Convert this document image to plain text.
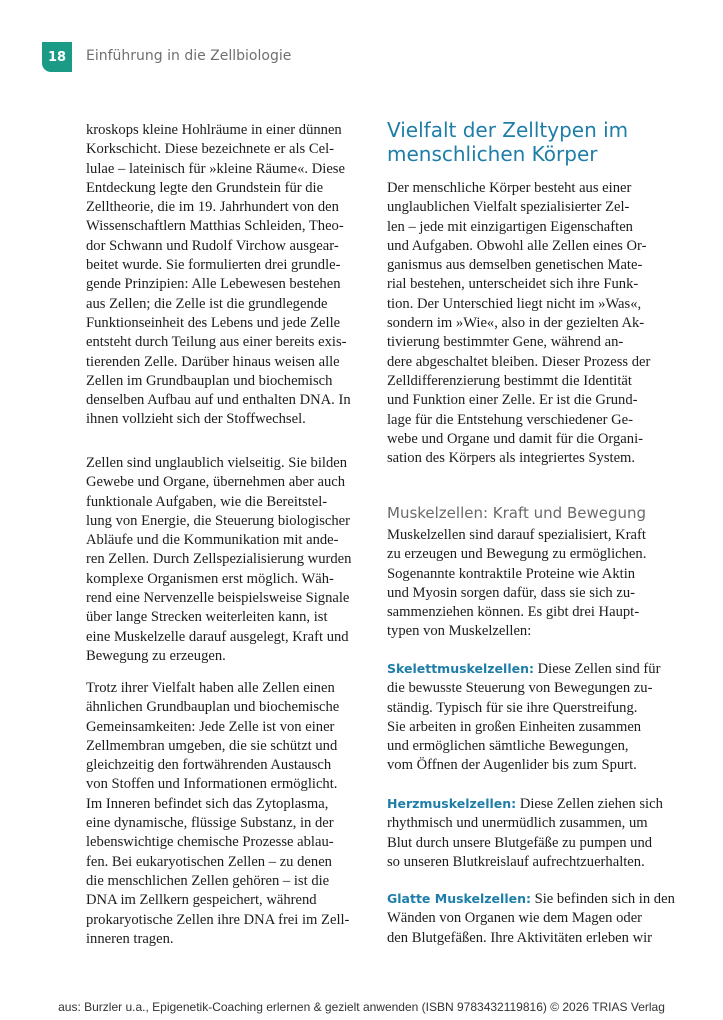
18	Einführung in die Zellbiologie
kroskops kleine Hohlräume in einer dünnen
Korkschicht. Diese bezeichnete er als Cel-
lulae – lateinisch für »kleine Räume«. Diese
Entdeckung legte den Grundstein für die
Zelltheorie, die im 19. Jahrhundert von den
Wissenschaftlern Matthias Schleiden, Theo-
dor Schwann und Rudolf Virchow ausgear-
beitet wurde. Sie formulierten drei grundle-
gende Prinzipien: Alle Lebewesen bestehen
aus Zellen; die Zelle ist die grundlegende
Funktionseinheit des Lebens und jede Zelle
entsteht durch Teilung aus einer bereits exis-
tierenden Zelle. Darüber hinaus weisen alle
Zellen im Grundbauplan und biochemisch
denselben Aufbau auf und enthalten DNA. In
ihnen vollzieht sich der Stoffwechsel.
Zellen sind unglaublich vielseitig. Sie bilden
Gewebe und Organe, übernehmen aber auch
funktionale Aufgaben, wie die Bereitstel-
lung von Energie, die Steuerung biologischer
Abläufe und die Kommunikation mit ande-
ren Zellen. Durch Zellspezialisierung wurden
komplexe Organismen erst möglich. Wäh-
rend eine Nervenzelle beispielsweise Signale
über lange Strecken weiterleiten kann, ist
eine Muskelzelle darauf ausgelegt, Kraft und
Bewegung zu erzeugen.
Trotz ihrer Vielfalt haben alle Zellen einen
ähnlichen Grundbauplan und biochemische
Gemeinsamkeiten: Jede Zelle ist von einer
Zellmembran umgeben, die sie schützt und
gleichzeitig den fortwährenden Austausch
von Stoffen und Informationen ermöglicht.
Im Inneren befindet sich das Zytoplasma,
eine dynamische, flüssige Substanz, in der
lebenswichtige chemische Prozesse ablau-
fen. Bei eukaryotischen Zellen – zu denen
die menschlichen Zellen gehören – ist die
DNA im Zellkern gespeichert, während
prokaryotische Zellen ihre DNA frei im Zell-
inneren tragen.
Vielfalt der Zelltypen im
menschlichen Körper
Der menschliche Körper besteht aus einer
unglaublichen Vielfalt spezialisierter Zel-
len – jede mit einzigartigen Eigenschaften
und Aufgaben. Obwohl alle Zellen eines Or-
ganismus aus demselben genetischen Mate-
rial bestehen, unterscheidet sich ihre Funk-
tion. Der Unterschied liegt nicht im »Was«,
sondern im »Wie«, also in der gezielten Ak-
tivierung bestimmter Gene, während an-
dere abgeschaltet bleiben. Dieser Prozess der
Zelldifferenzierung bestimmt die Identität
und Funktion einer Zelle. Er ist die Grund-
lage für die Entstehung verschiedener Ge-
webe und Organe und damit für die Organi-
sation des Körpers als integriertes System.
Muskelzellen: Kraft und Bewegung
Muskelzellen sind darauf spezialisiert, Kraft
zu erzeugen und Bewegung zu ermöglichen.
Sogenannte kontraktile Proteine wie Aktin
und Myosin sorgen dafür, dass sie sich zu-
sammenziehen können. Es gibt drei Haupt-
typen von Muskelzellen:
Skelettmuskelzellen: Diese Zellen sind für
die bewusste Steuerung von Bewegungen zu-
ständig. Typisch für sie ihre Querstreifung.
Sie arbeiten in großen Einheiten zusammen
und ermöglichen sämtliche Bewegungen,
vom Öffnen der Augenlider bis zum Spurt.
Herzmuskelzellen: Diese Zellen ziehen sich
rhythmisch und unermüdlich zusammen, um
Blut durch unsere Blutgefäße zu pumpen und
so unseren Blutkreislauf aufrechtzuerhalten.
Glatte Muskelzellen: Sie befinden sich in den
Wänden von Organen wie dem Magen oder
den Blutgefäßen. Ihre Aktivitäten erleben wir
aus: Burzler u.a., Epigenetik-Coaching erlernen & gezielt anwenden (ISBN 9783432119816) © 2026 TRIAS Verlag
